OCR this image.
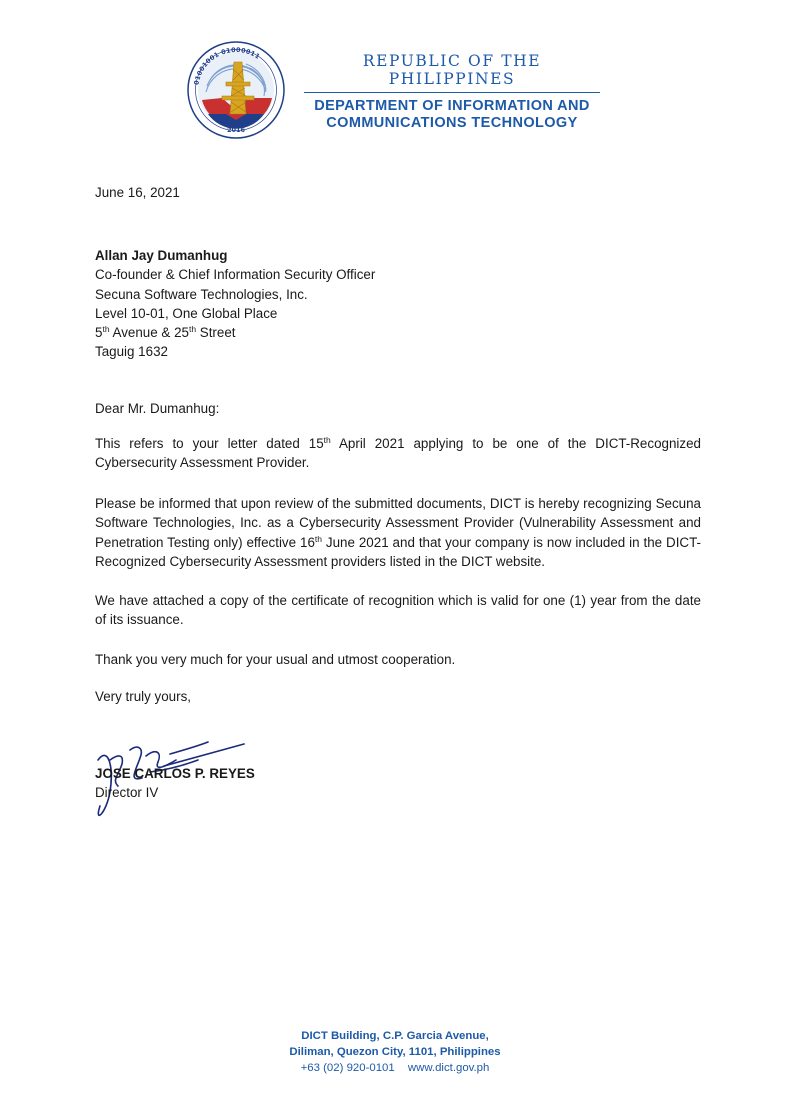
01001001 01000011
2016
REPUBLIC OF THE PHILIPPINES
DEPARTMENT OF INFORMATION AND
COMMUNICATIONS TECHNOLOGY
June 16, 2021

Allan Jay Dumanhug

Co-founder & Chief Information Security Officer

Secuna Software Technologies, Inc.

Level 10-01, One Global Place

5th Avenue & 25th Street

Taguig 1632

Dear Mr. Dumanhug:
This refers to your letter dated 15th April 2021 applying to be one of the DICT-Recognized Cybersecurity Assessment Provider.
Please be informed that upon review of the submitted documents, DICT is hereby recognizing Secuna Software Technologies, Inc. as a Cybersecurity Assessment Provider (Vulnerability Assessment and Penetration Testing only) effective 16th June 2021 and that your company is now included in the DICT-Recognized Cybersecurity Assessment providers listed in the DICT website.
We have attached a copy of the certificate of recognition which is valid for one (1) year from the date of its issuance.
Thank you very much for your usual and utmost cooperation.
Very truly yours,

JOSE CARLOS P. REYES

Director IV

DICT Building, C.P. Garcia Avenue,
Diliman, Quezon City, 1101, Philippines
+63 (02) 920-0101 www.dict.gov.ph
